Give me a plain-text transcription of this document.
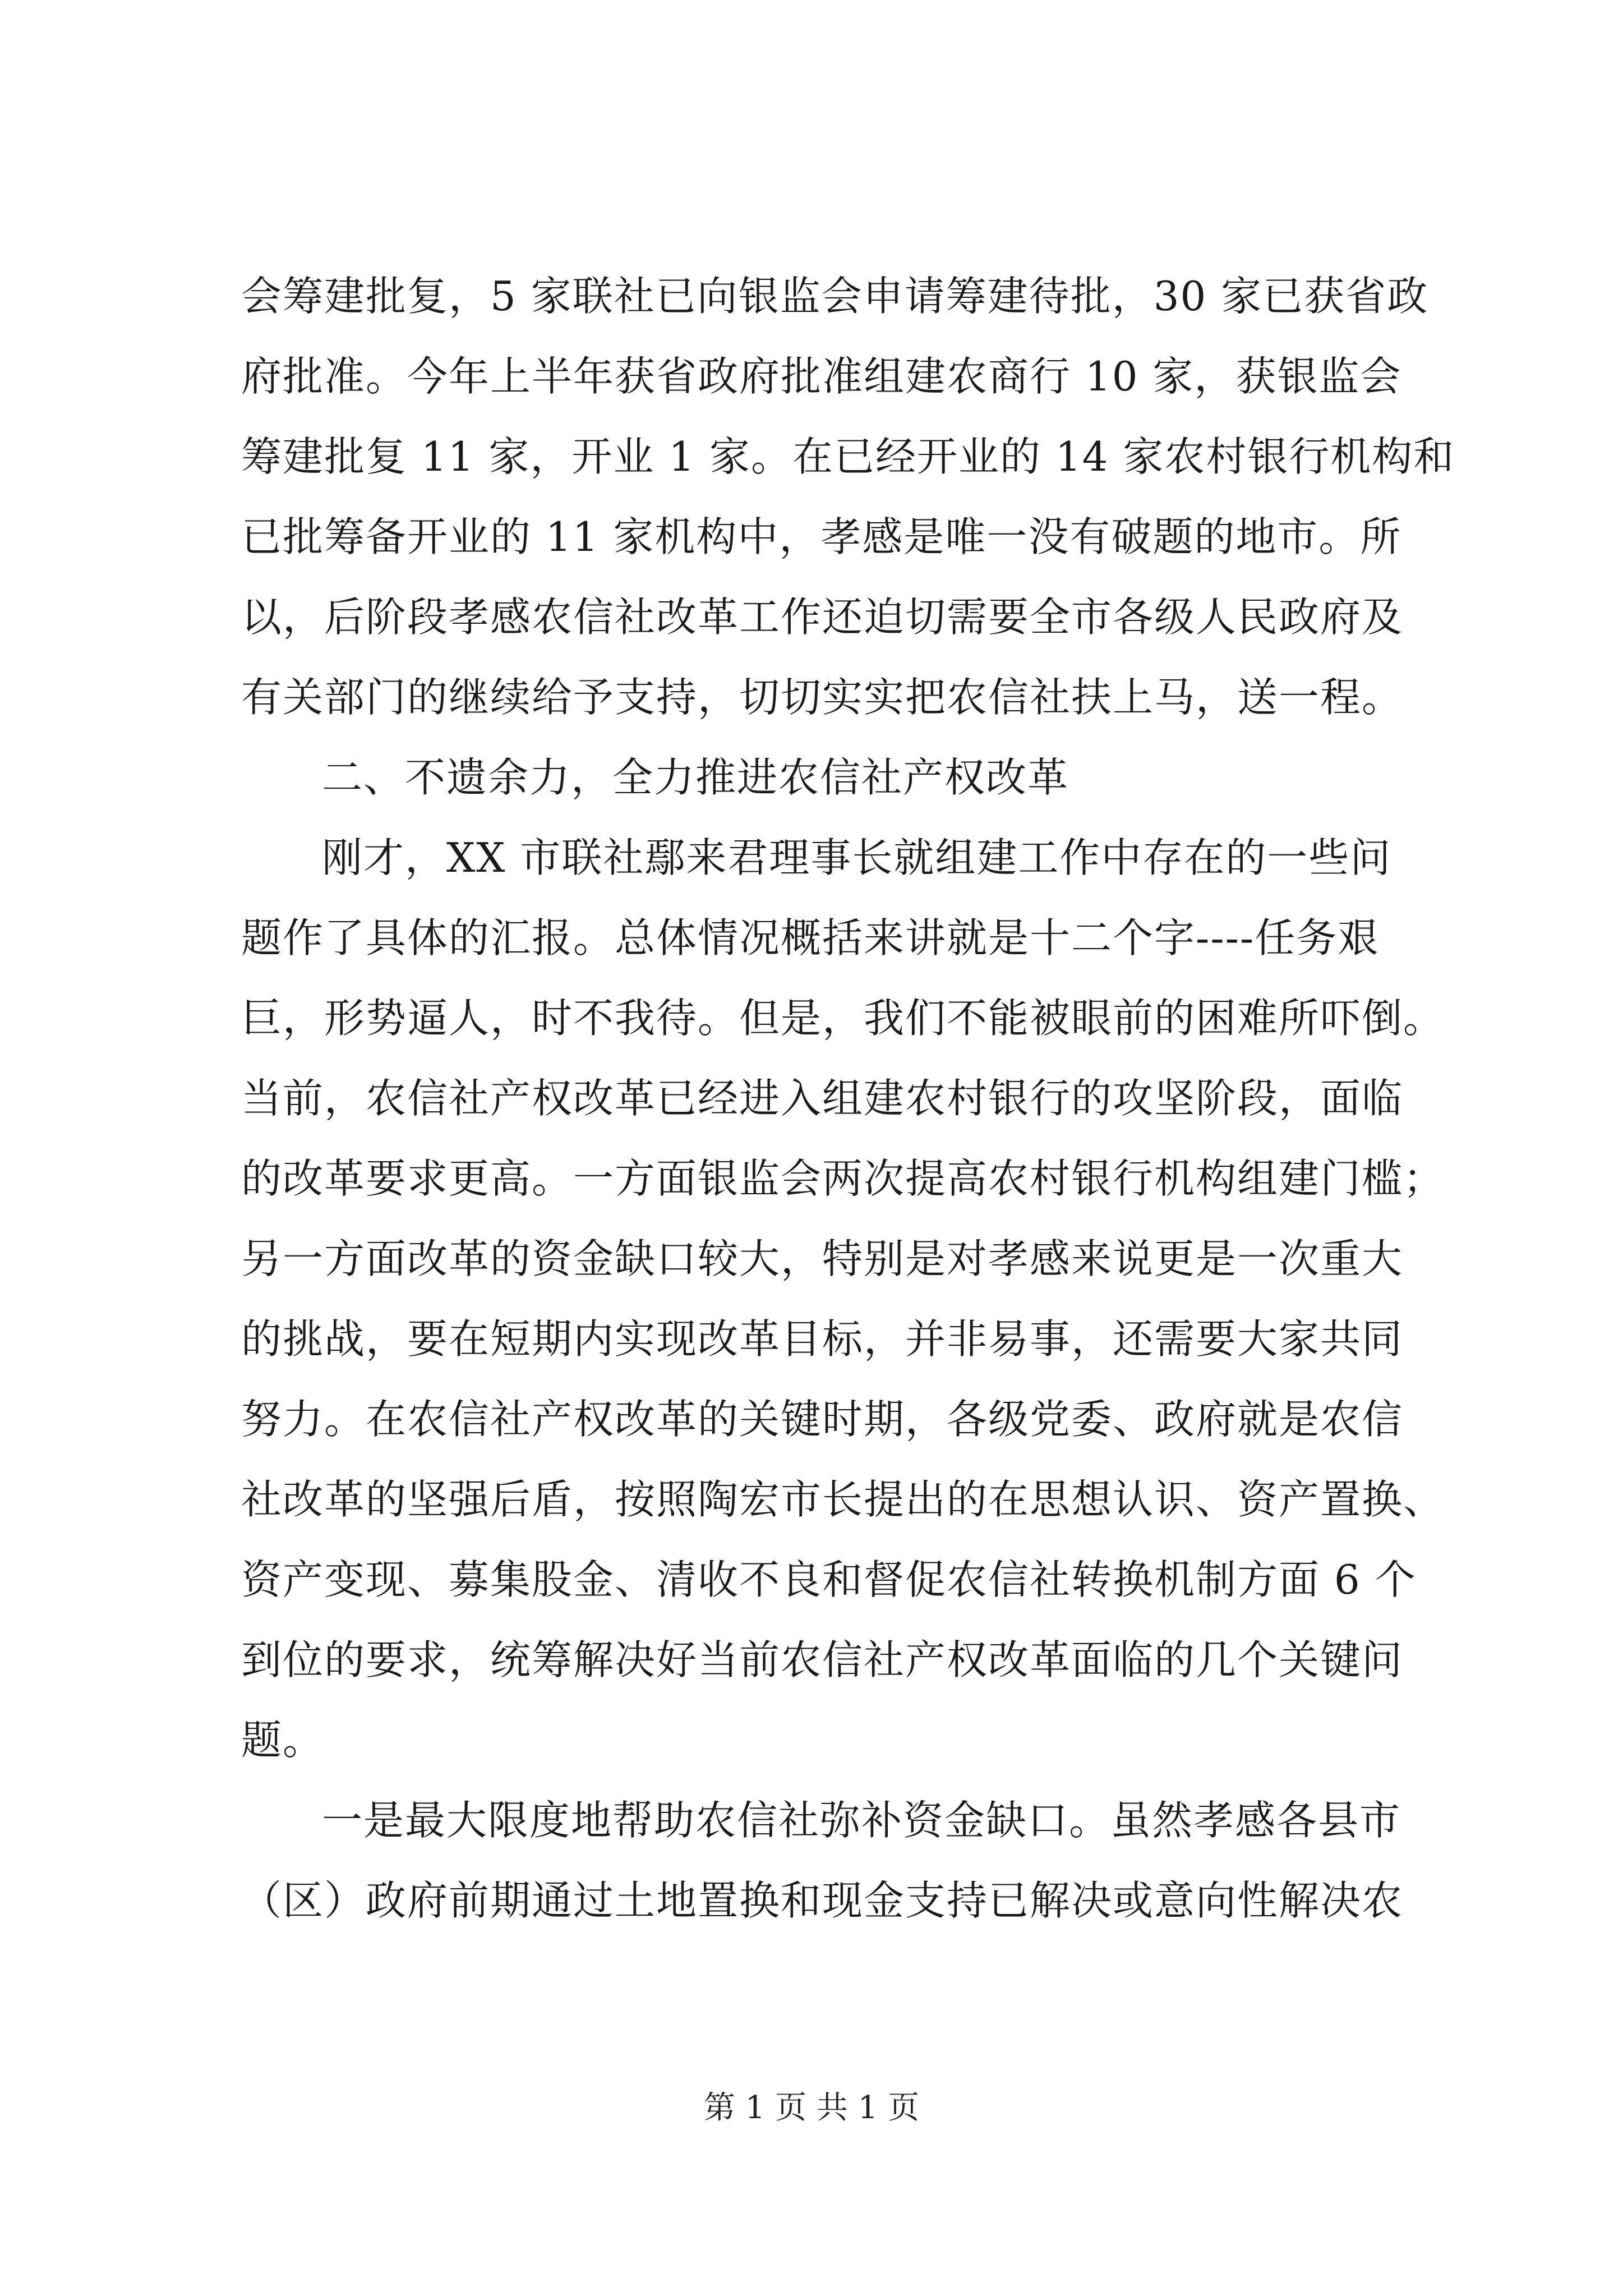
会筹建批复，5 家联社已向银监会申请筹建待批，30 家已获省政
府批准。今年上半年获省政府批准组建农商行 10 家，获银监会
筹建批复 11 家，开业 1 家。在已经开业的 14 家农村银行机构和
已批筹备开业的 11 家机构中，孝感是唯一没有破题的地市。所
以，后阶段孝感农信社改革工作还迫切需要全市各级人民政府及
有关部门的继续给予支持，切切实实把农信社扶上马，送一程。
二、不遗余力，全力推进农信社产权改革
刚才，XX 市联社鄢来君理事长就组建工作中存在的一些问
题作了具体的汇报。总体情况概括来讲就是十二个字----任务艰
巨，形势逼人，时不我待。但是，我们不能被眼前的困难所吓倒。
当前，农信社产权改革已经进入组建农村银行的攻坚阶段，面临
的改革要求更高。一方面银监会两次提高农村银行机构组建门槛；
另一方面改革的资金缺口较大，特别是对孝感来说更是一次重大
的挑战，要在短期内实现改革目标，并非易事，还需要大家共同
努力。在农信社产权改革的关键时期，各级党委、政府就是农信
社改革的坚强后盾，按照陶宏市长提出的在思想认识、资产置换、
资产变现、募集股金、清收不良和督促农信社转换机制方面 6 个
到位的要求，统筹解决好当前农信社产权改革面临的几个关键问
题。
一是最大限度地帮助农信社弥补资金缺口。虽然孝感各县市
（区）政府前期通过土地置换和现金支持已解决或意向性解决农
第 1 页 共 1 页
